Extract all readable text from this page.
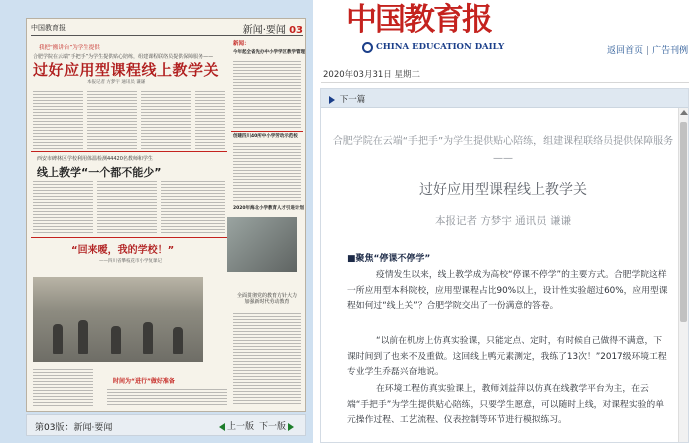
中国教育报	新闻·要闻 03
我把“搬讲台”为学生提供
合肥学院在云端“手把手”为学生提供贴心陪练，组建课程联络员提供保障服务——
过好应用型课程线上教学关
本报记者 方梦宇 通讯员 谦谦
新闻：
今年起全省先办中小学学区教学管理
创建四川40所中小学劳动示范校
2020年海北小学教育人才引进计划
西安市碑林区学校利用体温检测44420名教师和学生
线上教学“一个都不能少”
“回来嗳，我的学校！”
——四川省攀枝花市小学复课记
全面贯彻党的教育方针大力加强新时代劳动教育
时间为“进行”做好准备
第03版：新闻·要闻	上一版 下一版
中国教育报
CHINA EDUCATION DAILY	返回首页 | 广告刊例
2020年03月31日 星期二
下一篇
合肥学院在云端“手把手”为学生提供贴心陪练，组建课程联络员提供保障服务——
过好应用型课程线上教学关
本报记者 方梦宇 通讯员 谦谦
■聚焦“停课不停学”

疫情发生以来，线上教学成为高校“停课不停学”的主要方式。合肥学院这样一所应用型本科院校，应用型课程占比90%以上，设计性实验超过60%，应用型课程如何过“线上关”？合肥学院交出了一份满意的答卷。

“以前在机房上仿真实验课，只能定点、定时，有时候自己做得不满意，下课时间到了也来不及重做。这回线上鸭元素测定，我练了13次！”2017级环境工程专业学生乔磊兴奋地说。

在环境工程仿真实验课上，教师刘益萍以仿真在线教学平台为主，在云端“手把手”为学生提供贴心陪练，只要学生愿意，可以随时上线，对课程实验的单元操作过程、工艺流程、仪表控制等环节进行模拟练习。
